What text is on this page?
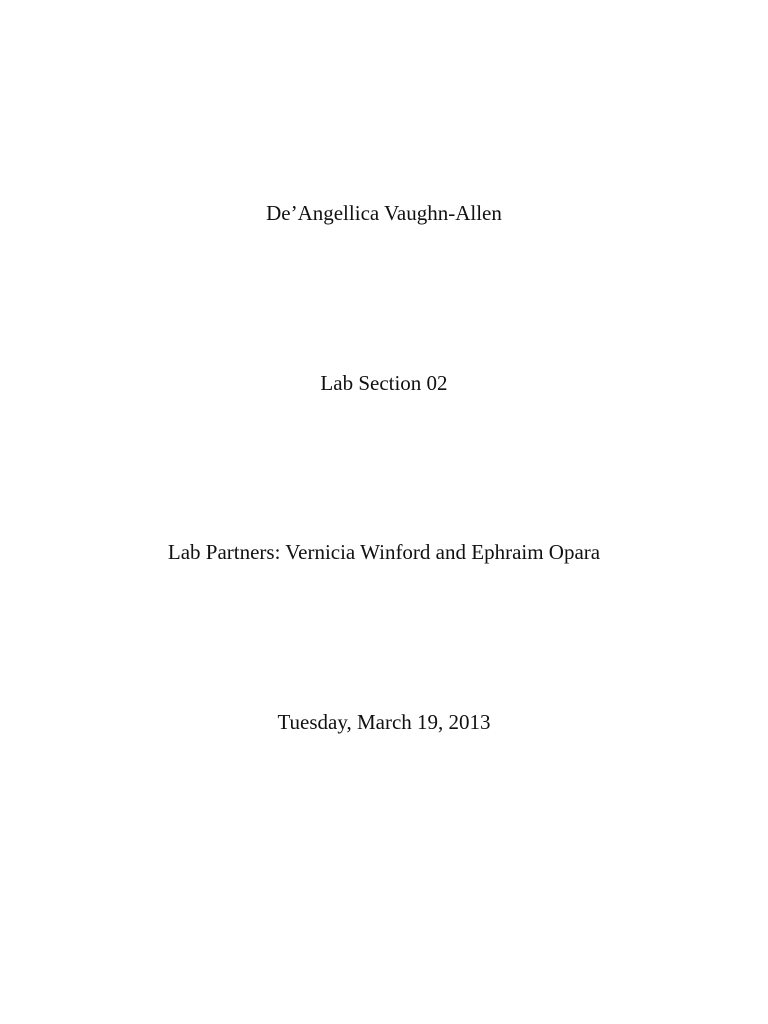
De’Angellica Vaughn-Allen
Lab Section 02
Lab Partners: Vernicia Winford and Ephraim Opara
Tuesday, March 19, 2013
